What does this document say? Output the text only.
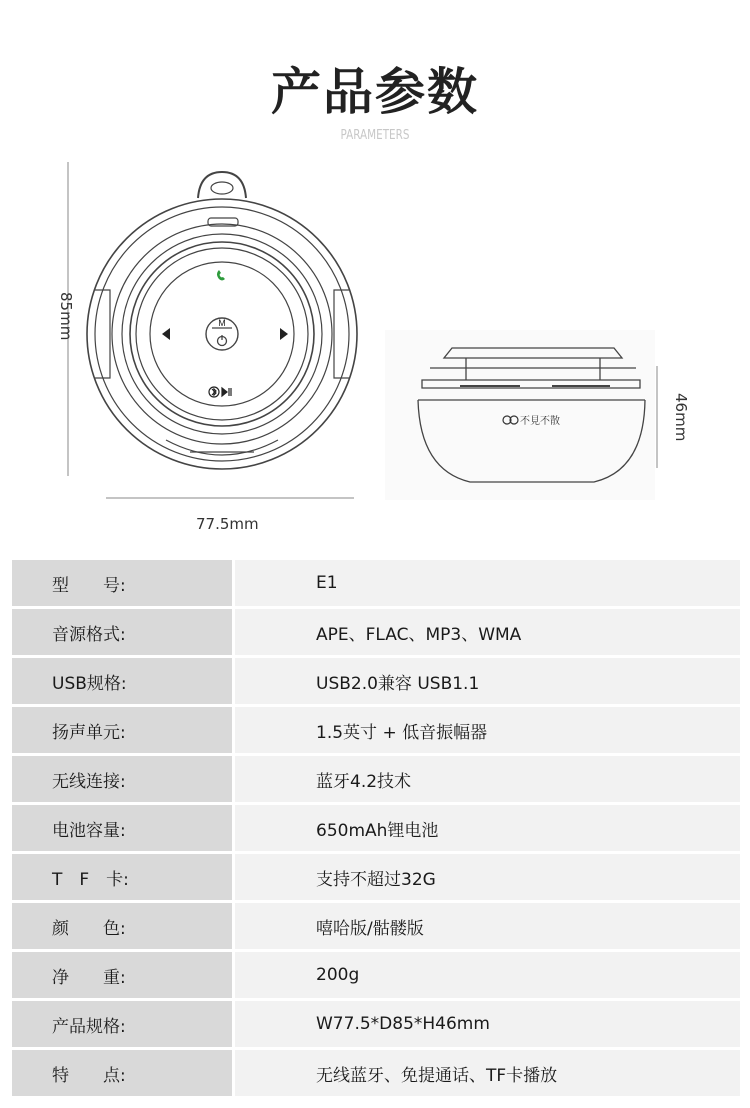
产品参数
PARAMETERS
M
不見不散
77.5mm
85mm
46mm
型　　号:	E1
音源格式:	APE、FLAC、MP3、WMA
USB规格:	USB2.0兼容 USB1.1
扬声单元:	1.5英寸 + 低音振幅器
无线连接:	蓝牙4.2技术
电池容量:	650mAh锂电池
T　F　卡:	支持不超过32G
颜　　色:	嘻哈版/骷髅版
净　　重:	200g
产品规格:	W77.5*D85*H46mm
特　　点:	无线蓝牙、免提通话、TF卡播放
